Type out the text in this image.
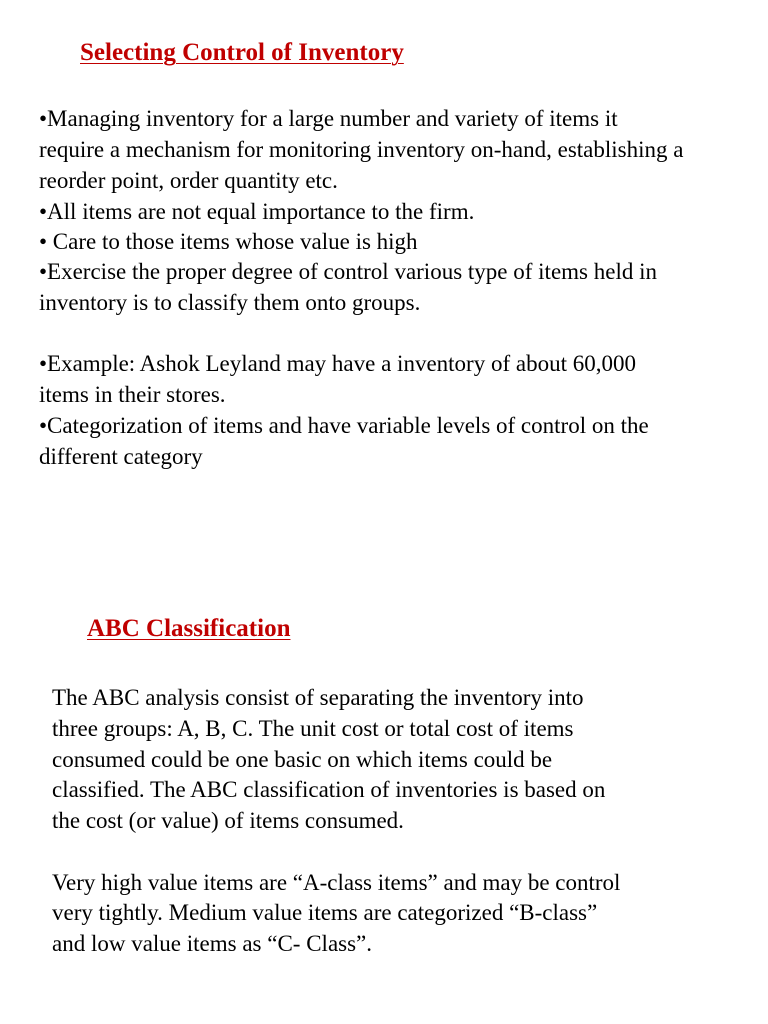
Selecting Control of Inventory

•Managing inventory for a large number and variety of items it

require a mechanism for monitoring inventory on-hand, establishing a

reorder point, order quantity etc.

•All items are not equal importance to the firm.

• Care to those items whose value is high

•Exercise the proper degree of control various type of items held in

inventory is to classify them onto groups.

•Example: Ashok Leyland may have a inventory of about 60,000

items in their stores.

•Categorization of items and have variable levels of control on the

different category

ABC Classification

The ABC analysis consist of separating the inventory into

three groups: A, B, C. The unit cost or total cost of items

consumed could be one basic on which items could be

classified. The ABC classification of inventories is based on

the cost (or value) of items consumed.

Very high value items are “A-class items” and may be control

very tightly. Medium value items are categorized “B-class”

and low value items as “C- Class”.
